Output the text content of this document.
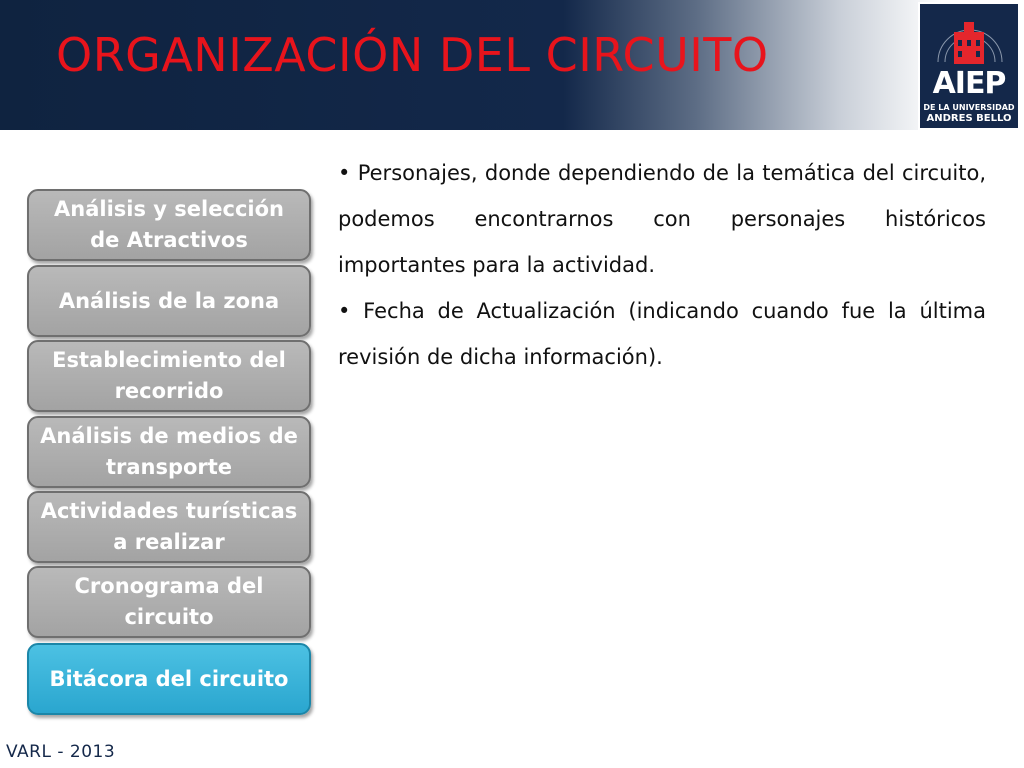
ORGANIZACIÓN DEL CIRCUITO
AIEP
DE LA UNIVERSIDAD
ANDRES BELLO
Análisis y selección de Atractivos
Análisis de la zona
Establecimiento del recorrido
Análisis de medios de transporte
Actividades turísticas a realizar
Cronograma del circuito
Bitácora del circuito

• Personajes, donde dependiendo de la temática del circuito, podemos encontrarnos con personajes históricos importantes para la actividad.

• Fecha de Actualización (indicando cuando fue la última revisión de dicha información).

VARL - 2013
